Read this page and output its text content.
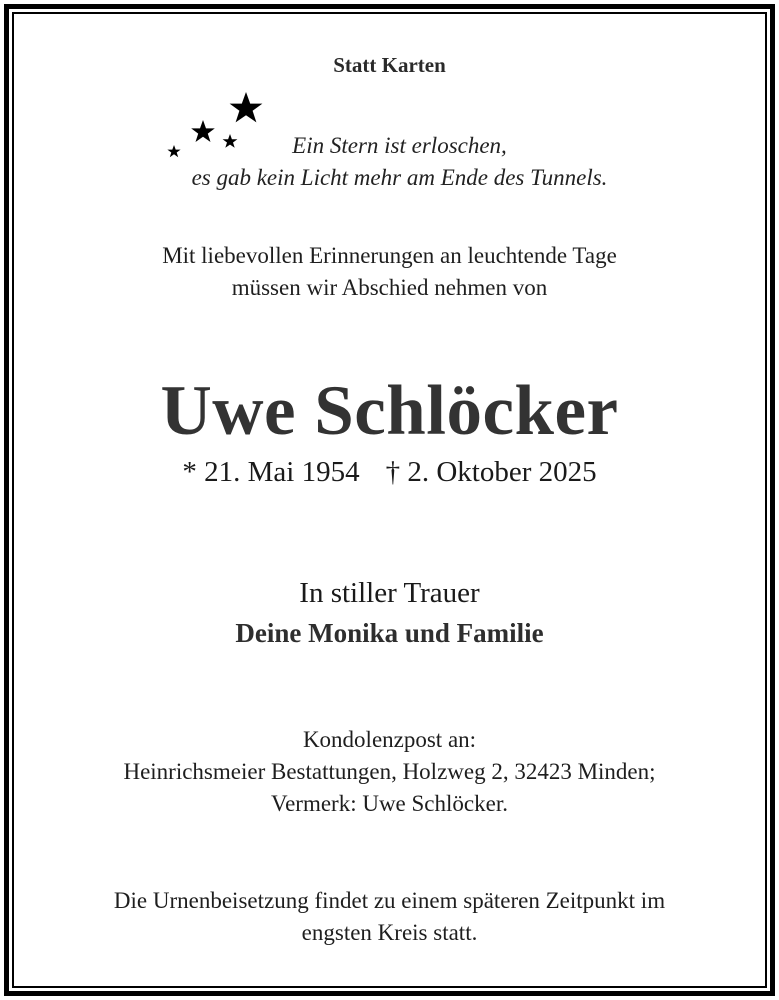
Statt Karten
Ein Stern ist erloschen,
es gab kein Licht mehr am Ende des Tunnels.
Mit liebevollen Erinnerungen an leuchtende Tage
müssen wir Abschied nehmen von
Uwe Schlöcker
* 21. Mai 1954 † 2. Oktober 2025
In stiller Trauer
Deine Monika und Familie
Kondolenzpost an:
Heinrichsmeier Bestattungen, Holzweg 2, 32423 Minden;
Vermerk: Uwe Schlöcker.
Die Urnenbeisetzung findet zu einem späteren Zeitpunkt im
engsten Kreis statt.
